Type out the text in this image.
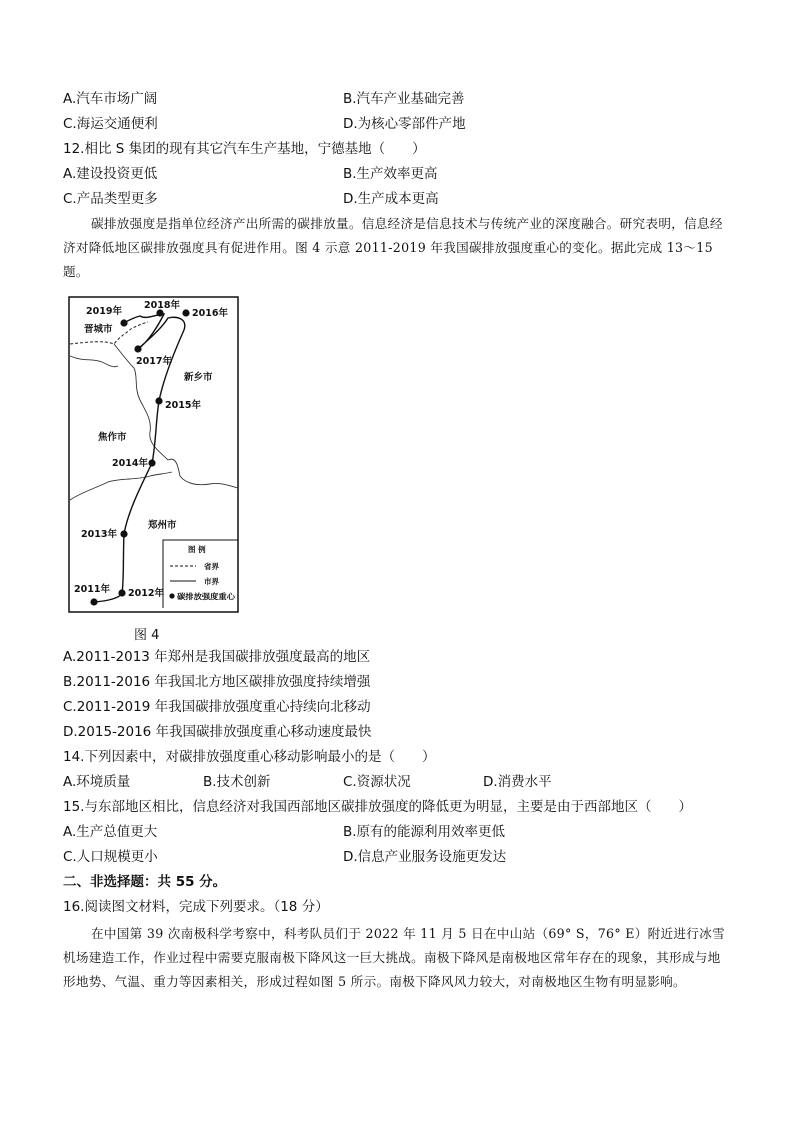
A.汽车市场广阔	B.汽车产业基础完善
C.海运交通便利	D.为核心零部件产地
12.相比 S 集团的现有其它汽车生产基地，宁德基地（　　）
A.建设投资更低	B.生产效率更高
C.产品类型更多	D.生产成本更高
碳排放强度是指单位经济产出所需的碳排放量。信息经济是信息技术与传统产业的深度融合。研究表明，信息经济对降低地区碳排放强度具有促进作用。图 4 示意 2011-2019 年我国碳排放强度重心的变化。据此完成 13～15 题。
2011年 2012年
2013年
2014年
2015年
2016年
2017年
2018年
2019年
晋城市
新乡市
焦作市
郑州市
图 例
省界
市界
碳排放强度重心
图 4
A.2011-2013 年郑州是我国碳排放强度最高的地区
B.2011-2016 年我国北方地区碳排放强度持续增强
C.2011-2019 年我国碳排放强度重心持续向北移动
D.2015-2016 年我国碳排放强度重心移动速度最快
14.下列因素中，对碳排放强度重心移动影响最小的是（　　）
A.环境质量	B.技术创新	C.资源状况	D.消费水平
15.与东部地区相比，信息经济对我国西部地区碳排放强度的降低更为明显，主要是由于西部地区（　　）
A.生产总值更大	B.原有的能源利用效率更低
C.人口规模更小	D.信息产业服务设施更发达
二、非选择题：共 55 分。
16.阅读图文材料，完成下列要求。（18 分）
在中国第 39 次南极科学考察中，科考队员们于 2022 年 11 月 5 日在中山站（69° S，76° E）附近进行冰雪机场建造工作，作业过程中需要克服南极下降风这一巨大挑战。南极下降风是南极地区常年存在的现象，其形成与地形地势、气温、重力等因素相关，形成过程如图 5 所示。南极下降风风力较大，对南极地区生物有明显影响。
